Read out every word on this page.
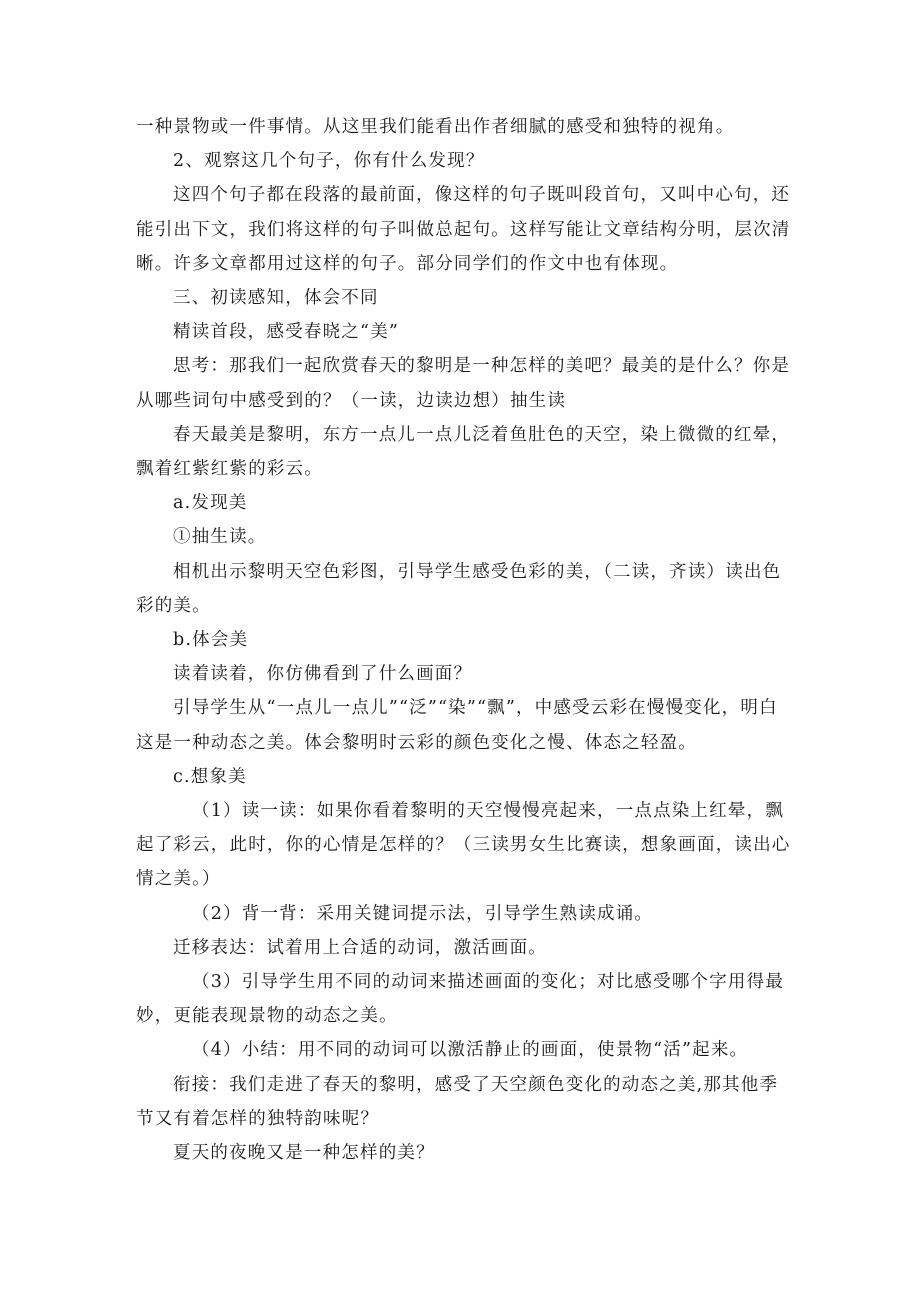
一种景物或一件事情。从这里我们能看出作者细腻的感受和独特的视角。

2、观察这几个句子，你有什么发现？

这四个句子都在段落的最前面，像这样的句子既叫段首句，又叫中心句，还能引出下文，我们将这样的句子叫做总起句。这样写能让文章结构分明，层次清晰。许多文章都用过这样的句子。部分同学们的作文中也有体现。

三、初读感知，体会不同

精读首段，感受春晓之“美”

思考：那我们一起欣赏春天的黎明是一种怎样的美吧？最美的是什么？你是从哪些词句中感受到的？（一读，边读边想）抽生读

春天最美是黎明，东方一点儿一点儿泛着鱼肚色的天空，染上微微的红晕，飘着红紫红紫的彩云。

a.发现美

①抽生读。

相机出示黎明天空色彩图，引导学生感受色彩的美，（二读，齐读）读出色彩的美。

b.体会美

读着读着，你仿佛看到了什么画面？

引导学生从“一点儿一点儿”“泛”“染”“飘”，中感受云彩在慢慢变化，明白这是一种动态之美。体会黎明时云彩的颜色变化之慢、体态之轻盈。

c.想象美

（1）读一读：如果你看着黎明的天空慢慢亮起来，一点点染上红晕，飘起了彩云，此时，你的心情是怎样的？（三读男女生比赛读，想象画面，读出心情之美。）

（2）背一背：采用关键词提示法，引导学生熟读成诵。

迁移表达：试着用上合适的动词，激活画面。

（3）引导学生用不同的动词来描述画面的变化；对比感受哪个字用得最妙，更能表现景物的动态之美。

（4）小结：用不同的动词可以激活静止的画面，使景物“活”起来。

衔接：我们走进了春天的黎明，感受了天空颜色变化的动态之美,那其他季节又有着怎样的独特韵味呢？

夏天的夜晚又是一种怎样的美？
